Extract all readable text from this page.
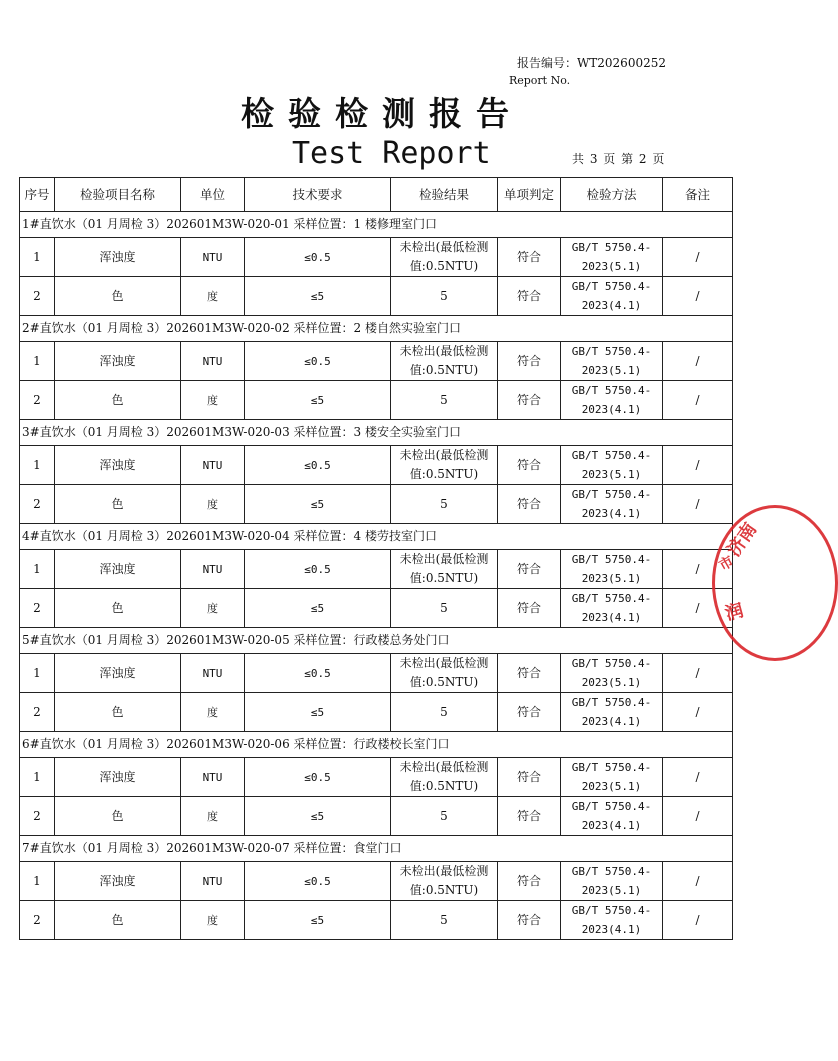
报告编号：WT202600252
Report No.
检验检测报告
Test Report	共 3 页 第 2 页
序号	检验项目名称	单位	技术要求	检验结果	单项判定	检验方法	备注
1#直饮水（01 月周检 3）202601M3W-020-01 采样位置：1 楼修理室门口							
1	浑浊度	NTU	≤0.5	未检出(最低检测值:0.5NTU)	符合	GB/T 5750.4-2023(5.1)	/
2	色	度	≤5	5	符合	GB/T 5750.4-2023(4.1)	/
2#直饮水（01 月周检 3）202601M3W-020-02 采样位置：2 楼自然实验室门口							
1	浑浊度	NTU	≤0.5	未检出(最低检测值:0.5NTU)	符合	GB/T 5750.4-2023(5.1)	/
2	色	度	≤5	5	符合	GB/T 5750.4-2023(4.1)	/
3#直饮水（01 月周检 3）202601M3W-020-03 采样位置：3 楼安全实验室门口							
1	浑浊度	NTU	≤0.5	未检出(最低检测值:0.5NTU)	符合	GB/T 5750.4-2023(5.1)	/
2	色	度	≤5	5	符合	GB/T 5750.4-2023(4.1)	/
4#直饮水（01 月周检 3）202601M3W-020-04 采样位置：4 楼劳技室门口							
1	浑浊度	NTU	≤0.5	未检出(最低检测值:0.5NTU)	符合	GB/T 5750.4-2023(5.1)	/
2	色	度	≤5	5	符合	GB/T 5750.4-2023(4.1)	/
5#直饮水（01 月周检 3）202601M3W-020-05 采样位置：行政楼总务处门口							
1	浑浊度	NTU	≤0.5	未检出(最低检测值:0.5NTU)	符合	GB/T 5750.4-2023(5.1)	/
2	色	度	≤5	5	符合	GB/T 5750.4-2023(4.1)	/
6#直饮水（01 月周检 3）202601M3W-020-06 采样位置：行政楼校长室门口							
1	浑浊度	NTU	≤0.5	未检出(最低检测值:0.5NTU)	符合	GB/T 5750.4-2023(5.1)	/
2	色	度	≤5	5	符合	GB/T 5750.4-2023(4.1)	/
7#直饮水（01 月周检 3）202601M3W-020-07 采样位置：食堂门口							
1	浑浊度	NTU	≤0.5	未检出(最低检测值:0.5NTU)	符合	GB/T 5750.4-2023(5.1)	/
2	色	度	≤5	5	符合	GB/T 5750.4-2023(4.1)	/
济南
市
润
